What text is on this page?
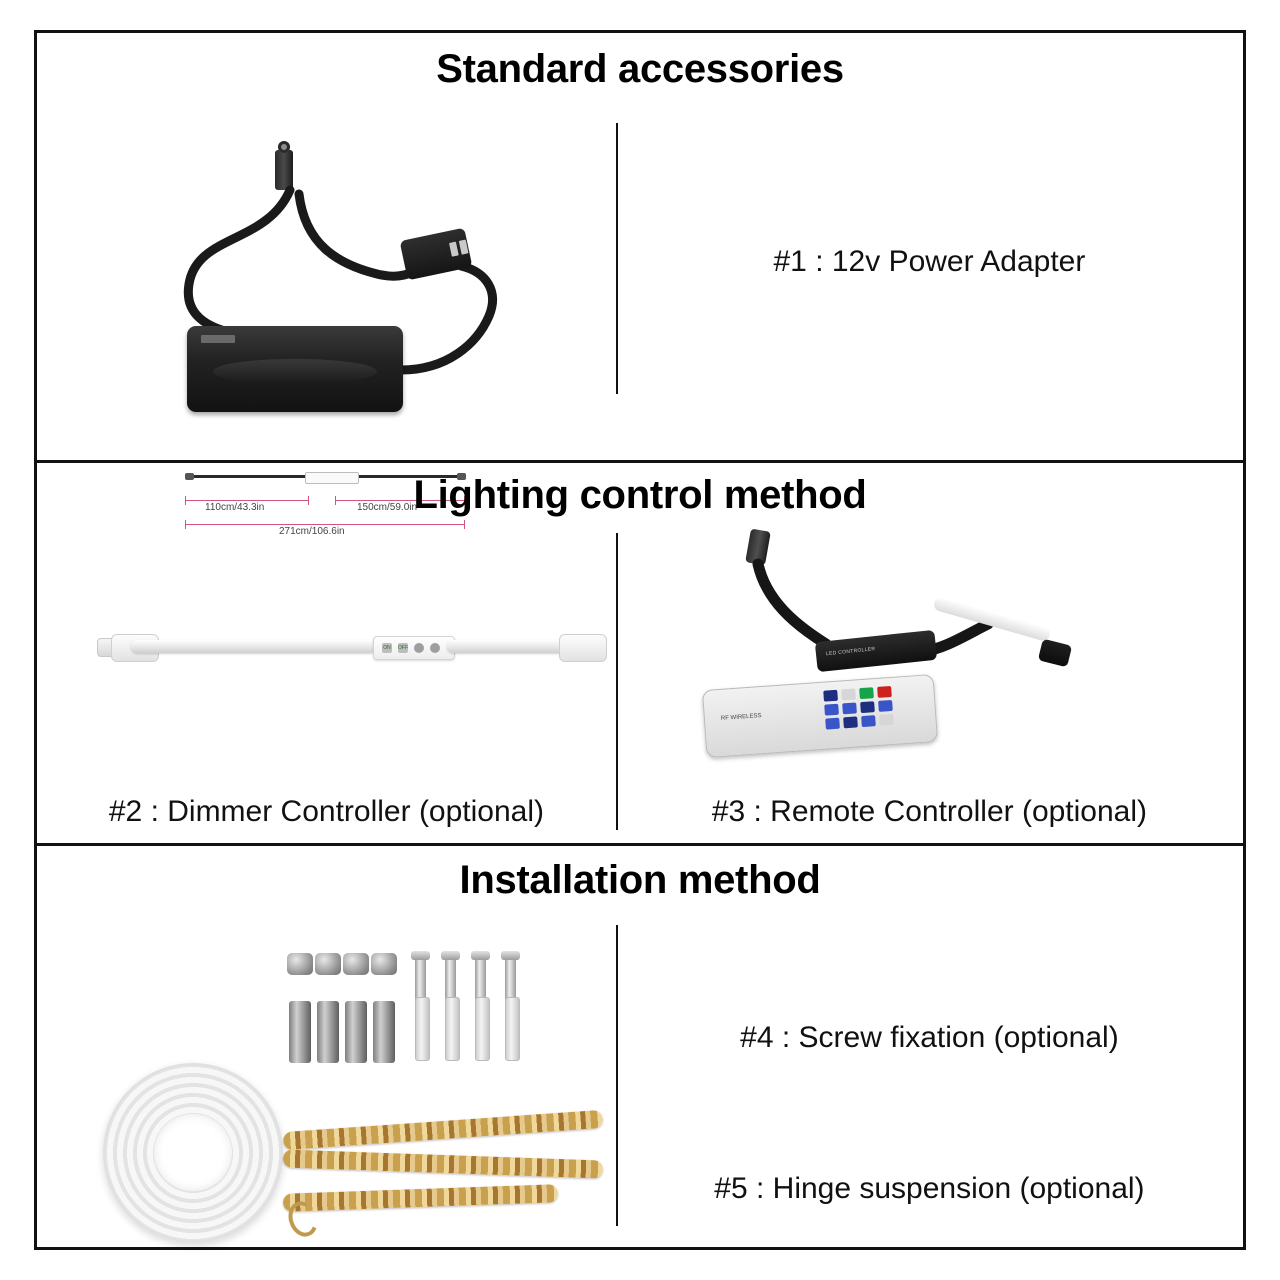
Standard accessories
110cm/43.3in	150cm/59.0in
271cm/106.6in
#1 : 12v Power Adapter
Lighting control method
ON OFF
#2 : Dimmer Controller (optional)
LED CONTROLLER
RF WIRELESS
#3 : Remote Controller (optional)
Installation method
#4 : Screw fixation (optional)
#5 : Hinge suspension (optional)
